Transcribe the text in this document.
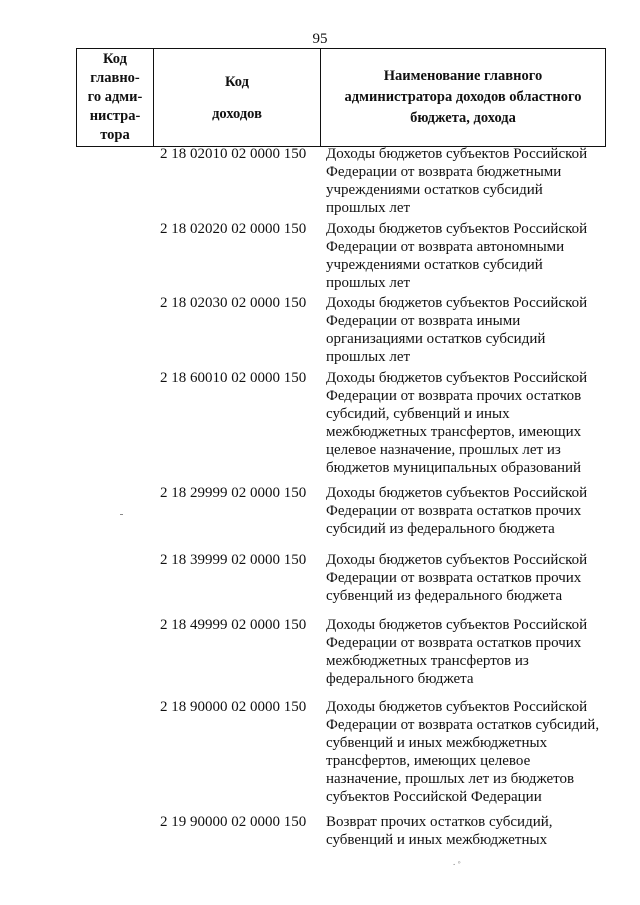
95
Код
главно-
го адми-
нистра-
тора
Код
доходов
Наименование главного
администратора доходов областного
бюджета, дохода
2 18 02010 02 0000 150 Доходы бюджетов субъектов Российской
Федерации от возврата бюджетными
учреждениями остатков субсидий
прошлых лет
2 18 02020 02 0000 150 Доходы бюджетов субъектов Российской
Федерации от возврата автономными
учреждениями остатков субсидий
прошлых лет
2 18 02030 02 0000 150 Доходы бюджетов субъектов Российской
Федерации от возврата иными
организациями остатков субсидий
прошлых лет
2 18 60010 02 0000 150 Доходы бюджетов субъектов Российской
Федерации от возврата прочих остатков
субсидий, субвенций и иных
межбюджетных трансфертов, имеющих
целевое назначение, прошлых лет из
бюджетов муниципальных образований
2 18 29999 02 0000 150 Доходы бюджетов субъектов Российской
Федерации от возврата остатков прочих
субсидий из федерального бюджета
2 18 39999 02 0000 150 Доходы бюджетов субъектов Российской
Федерации от возврата остатков прочих
субвенций из федерального бюджета
2 18 49999 02 0000 150 Доходы бюджетов субъектов Российской
Федерации от возврата остатков прочих
межбюджетных трансфертов из
федерального бюджета
2 18 90000 02 0000 150 Доходы бюджетов субъектов Российской
Федерации от возврата остатков субсидий,
субвенций и иных межбюджетных
трансфертов, имеющих целевое
назначение, прошлых лет из бюджетов
субъектов Российской Федерации
2 19 90000 02 0000 150 Возврат прочих остатков субсидий,
субвенций и иных межбюджетных
. ◦
